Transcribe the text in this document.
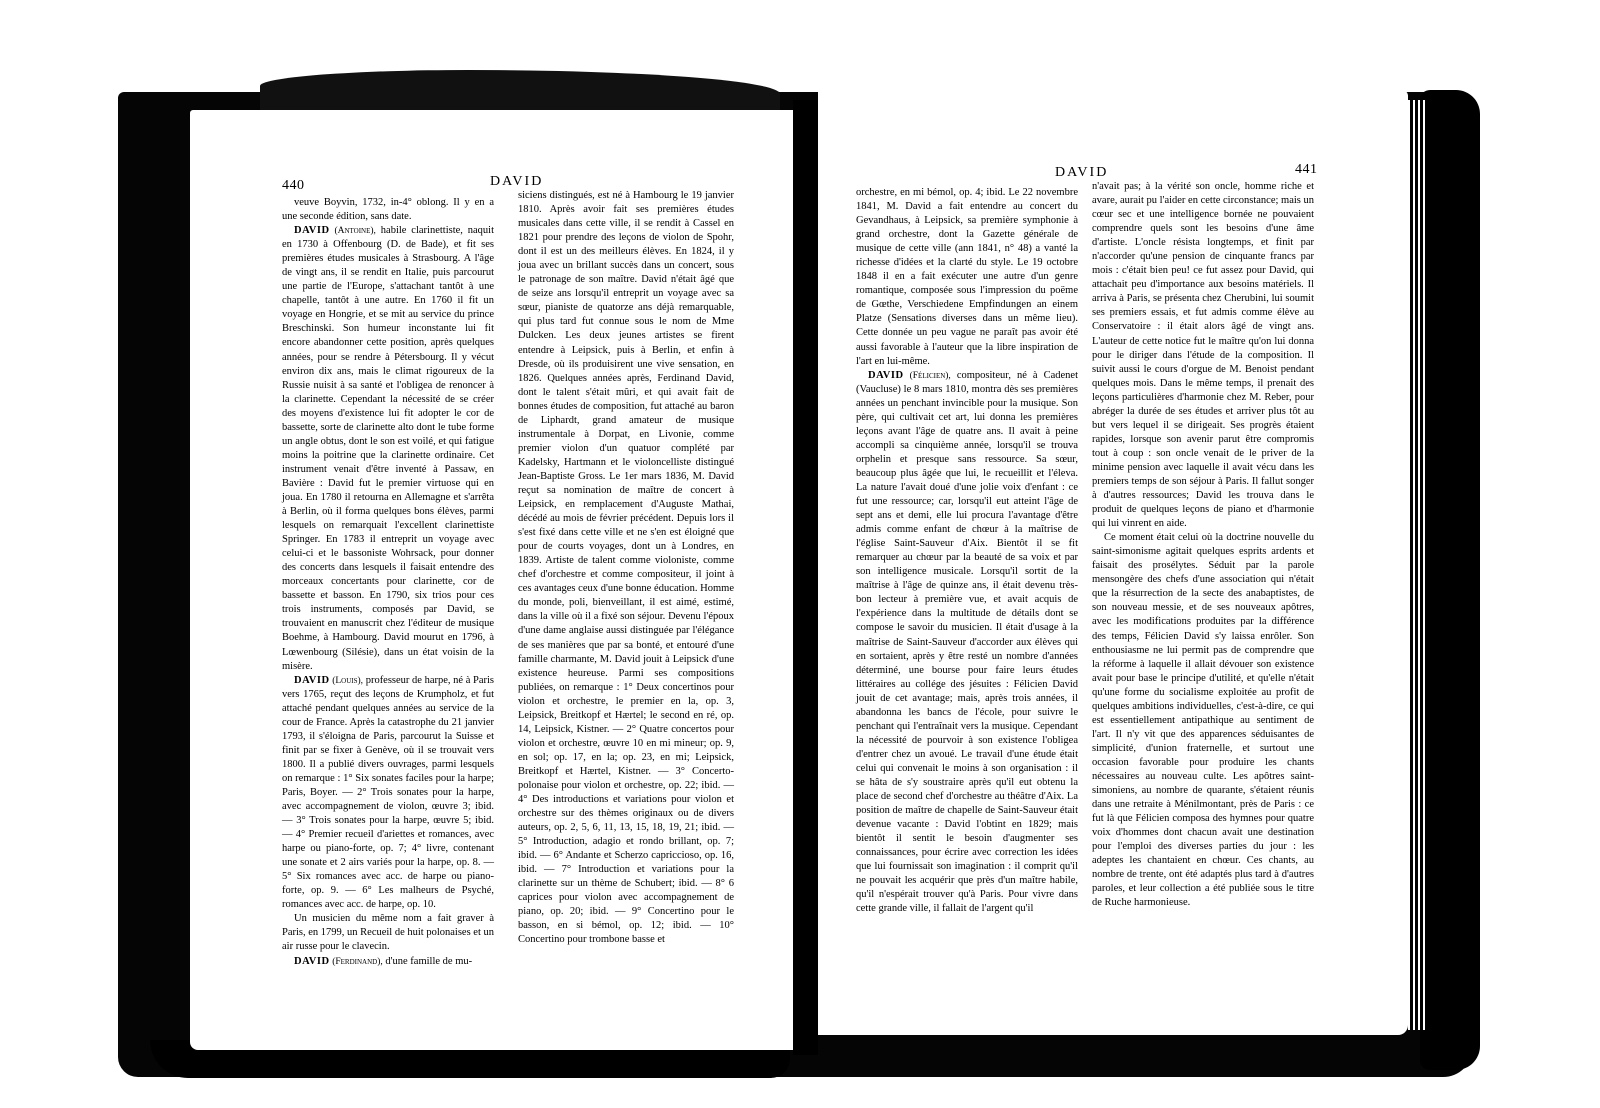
440	DAVID

veuve Boyvin, 1732, in-4° oblong. Il y en a une seconde édition, sans date.

DAVID (Antoine), habile clarinettiste, naquit en 1730 à Offenbourg (D. de Bade), et fit ses premières études musicales à Strasbourg. A l'âge de vingt ans, il se rendit en Italie, puis parcourut une partie de l'Europe, s'attachant tantôt à une chapelle, tantôt à une autre. En 1760 il fit un voyage en Hongrie, et se mit au service du prince Breschinski. Son humeur inconstante lui fit encore abandonner cette position, après quelques années, pour se rendre à Pétersbourg. Il y vécut environ dix ans, mais le climat rigoureux de la Russie nuisit à sa santé et l'obligea de renoncer à la clarinette. Cependant la nécessité de se créer des moyens d'existence lui fit adopter le cor de bassette, sorte de clarinette alto dont le tube forme un angle obtus, dont le son est voilé, et qui fatigue moins la poitrine que la clarinette ordinaire. Cet instrument venait d'être inventé à Passaw, en Bavière : David fut le premier virtuose qui en joua. En 1780 il retourna en Allemagne et s'arrêta à Berlin, où il forma quelques bons élèves, parmi lesquels on remarquait l'excellent clarinettiste Springer. En 1783 il entreprit un voyage avec celui-ci et le bassoniste Wohrsack, pour donner des concerts dans lesquels il faisait entendre des morceaux concertants pour clarinette, cor de bassette et basson. En 1790, six trios pour ces trois instruments, composés par David, se trouvaient en manuscrit chez l'éditeur de musique Boehme, à Hambourg. David mourut en 1796, à Lœwenbourg (Silésie), dans un état voisin de la misère.

DAVID (Louis), professeur de harpe, né à Paris vers 1765, reçut des leçons de Krumpholz, et fut attaché pendant quelques années au service de la cour de France. Après la catastrophe du 21 janvier 1793, il s'éloigna de Paris, parcourut la Suisse et finit par se fixer à Genève, où il se trouvait vers 1800. Il a publié divers ouvrages, parmi lesquels on remarque : 1° Six sonates faciles pour la harpe; Paris, Boyer. — 2° Trois sonates pour la harpe, avec accompagnement de violon, œuvre 3; ibid. — 3° Trois sonates pour la harpe, œuvre 5; ibid. — 4° Premier recueil d'ariettes et romances, avec harpe ou piano-forte, op. 7; 4° livre, contenant une sonate et 2 airs variés pour la harpe, op. 8. — 5° Six romances avec acc. de harpe ou piano-forte, op. 9. — 6° Les malheurs de Psyché, romances avec acc. de harpe, op. 10.

Un musicien du même nom a fait graver à Paris, en 1799, un Recueil de huit polonaises et un air russe pour le clavecin.

DAVID (Ferdinand), d'une famille de mu-

siciens distingués, est né à Hambourg le 19 janvier 1810. Après avoir fait ses premières études musicales dans cette ville, il se rendit à Cassel en 1821 pour prendre des leçons de violon de Spohr, dont il est un des meilleurs élèves. En 1824, il y joua avec un brillant succès dans un concert, sous le patronage de son maître. David n'était âgé que de seize ans lorsqu'il entreprit un voyage avec sa sœur, pianiste de quatorze ans déjà remarquable, qui plus tard fut connue sous le nom de Mme Dulcken. Les deux jeunes artistes se firent entendre à Leipsick, puis à Berlin, et enfin à Dresde, où ils produisirent une vive sensation, en 1826. Quelques années après, Ferdinand David, dont le talent s'était mûri, et qui avait fait de bonnes études de composition, fut attaché au baron de Liphardt, grand amateur de musique instrumentale à Dorpat, en Livonie, comme premier violon d'un quatuor complété par Kadelsky, Hartmann et le violoncelliste distingué Jean-Baptiste Gross. Le 1er mars 1836, M. David reçut sa nomination de maître de concert à Leipsick, en remplacement d'Auguste Mathai, décédé au mois de février précédent. Depuis lors il s'est fixé dans cette ville et ne s'en est éloigné que pour de courts voyages, dont un à Londres, en 1839. Artiste de talent comme violoniste, comme chef d'orchestre et comme compositeur, il joint à ces avantages ceux d'une bonne éducation. Homme du monde, poli, bienveillant, il est aimé, estimé, dans la ville où il a fixé son séjour. Devenu l'époux d'une dame anglaise aussi distinguée par l'élégance de ses manières que par sa bonté, et entouré d'une famille charmante, M. David jouit à Leipsick d'une existence heureuse. Parmi ses compositions publiées, on remarque : 1° Deux concertinos pour violon et orchestre, le premier en la, op. 3, Leipsick, Breitkopf et Hærtel; le second en ré, op. 14, Leipsick, Kistner. — 2° Quatre concertos pour violon et orchestre, œuvre 10 en mi mineur; op. 9, en sol; op. 17, en la; op. 23, en mi; Leipsick, Breitkopf et Hærtel, Kistner. — 3° Concerto-polonaise pour violon et orchestre, op. 22; ibid. — 4° Des introductions et variations pour violon et orchestre sur des thèmes originaux ou de divers auteurs, op. 2, 5, 6, 11, 13, 15, 18, 19, 21; ibid. — 5° Introduction, adagio et rondo brillant, op. 7; ibid. — 6° Andante et Scherzo capriccioso, op. 16, ibid. — 7° Introduction et variations pour la clarinette sur un thème de Schubert; ibid. — 8° 6 caprices pour violon avec accompagnement de piano, op. 20; ibid. — 9° Concertino pour le basson, en si bémol, op. 12; ibid. — 10° Concertino pour trombone basse et

DAVID	441

orchestre, en mi bémol, op. 4; ibid. Le 22 novembre 1841, M. David a fait entendre au concert du Gevandhaus, à Leipsick, sa première symphonie à grand orchestre, dont la Gazette générale de musique de cette ville (ann 1841, n° 48) a vanté la richesse d'idées et la clarté du style. Le 19 octobre 1848 il en a fait exécuter une autre d'un genre romantique, composée sous l'impression du poëme de Gœthe, Verschiedene Empfindungen an einem Platze (Sensations diverses dans un même lieu). Cette donnée un peu vague ne paraît pas avoir été aussi favorable à l'auteur que la libre inspiration de l'art en lui-même.

DAVID (Félicien), compositeur, né à Cadenet (Vaucluse) le 8 mars 1810, montra dès ses premières années un penchant invincible pour la musique. Son père, qui cultivait cet art, lui donna les premières leçons avant l'âge de quatre ans. Il avait à peine accompli sa cinquième année, lorsqu'il se trouva orphelin et presque sans ressource. Sa sœur, beaucoup plus âgée que lui, le recueillit et l'éleva. La nature l'avait doué d'une jolie voix d'enfant : ce fut une ressource; car, lorsqu'il eut atteint l'âge de sept ans et demi, elle lui procura l'avantage d'être admis comme enfant de chœur à la maîtrise de l'église Saint-Sauveur d'Aix. Bientôt il se fit remarquer au chœur par la beauté de sa voix et par son intelligence musicale. Lorsqu'il sortit de la maîtrise à l'âge de quinze ans, il était devenu très-bon lecteur à première vue, et avait acquis de l'expérience dans la multitude de détails dont se compose le savoir du musicien. Il était d'usage à la maîtrise de Saint-Sauveur d'accorder aux élèves qui en sortaient, après y être resté un nombre d'années déterminé, une bourse pour faire leurs études littéraires au collége des jésuites : Félicien David jouit de cet avantage; mais, après trois années, il abandonna les bancs de l'école, pour suivre le penchant qui l'entraînait vers la musique. Cependant la nécessité de pourvoir à son existence l'obligea d'entrer chez un avoué. Le travail d'une étude était celui qui convenait le moins à son organisation : il se hâta de s'y soustraire après qu'il eut obtenu la place de second chef d'orchestre au théâtre d'Aix. La position de maître de chapelle de Saint-Sauveur était devenue vacante : David l'obtint en 1829; mais bientôt il sentit le besoin d'augmenter ses connaissances, pour écrire avec correction les idées que lui fournissait son imagination : il comprit qu'il ne pouvait les acquérir que près d'un maître habile, qu'il n'espérait trouver qu'à Paris. Pour vivre dans cette grande ville, il fallait de l'argent qu'il

n'avait pas; à la vérité son oncle, homme riche et avare, aurait pu l'aider en cette circonstance; mais un cœur sec et une intelligence bornée ne pouvaient comprendre quels sont les besoins d'une âme d'artiste. L'oncle résista longtemps, et finit par n'accorder qu'une pension de cinquante francs par mois : c'était bien peu! ce fut assez pour David, qui attachait peu d'importance aux besoins matériels. Il arriva à Paris, se présenta chez Cherubini, lui soumit ses premiers essais, et fut admis comme élève au Conservatoire : il était alors âgé de vingt ans. L'auteur de cette notice fut le maître qu'on lui donna pour le diriger dans l'étude de la composition. Il suivit aussi le cours d'orgue de M. Benoist pendant quelques mois. Dans le même temps, il prenait des leçons particulières d'harmonie chez M. Reber, pour abréger la durée de ses études et arriver plus tôt au but vers lequel il se dirigeait. Ses progrès étaient rapides, lorsque son avenir parut être compromis tout à coup : son oncle venait de le priver de la minime pension avec laquelle il avait vécu dans les premiers temps de son séjour à Paris. Il fallut songer à d'autres ressources; David les trouva dans le produit de quelques leçons de piano et d'harmonie qui lui vinrent en aide.

Ce moment était celui où la doctrine nouvelle du saint-simonisme agitait quelques esprits ardents et faisait des prosélytes. Séduit par la parole mensongère des chefs d'une association qui n'était que la résurrection de la secte des anabaptistes, de son nouveau messie, et de ses nouveaux apôtres, avec les modifications produites par la différence des temps, Félicien David s'y laissa enrôler. Son enthousiasme ne lui permit pas de comprendre que la réforme à laquelle il allait dévouer son existence avait pour base le principe d'utilité, et qu'elle n'était qu'une forme du socialisme exploitée au profit de quelques ambitions individuelles, c'est-à-dire, ce qui est essentiellement antipathique au sentiment de l'art. Il n'y vit que des apparences séduisantes de simplicité, d'union fraternelle, et surtout une occasion favorable pour produire les chants nécessaires au nouveau culte. Les apôtres saint-simoniens, au nombre de quarante, s'étaient réunis dans une retraite à Ménilmontant, près de Paris : ce fut là que Félicien composa des hymnes pour quatre voix d'hommes dont chacun avait une destination pour l'emploi des diverses parties du jour : les adeptes les chantaient en chœur. Ces chants, au nombre de trente, ont été adaptés plus tard à d'autres paroles, et leur collection a été publiée sous le titre de Ruche harmonieuse.
